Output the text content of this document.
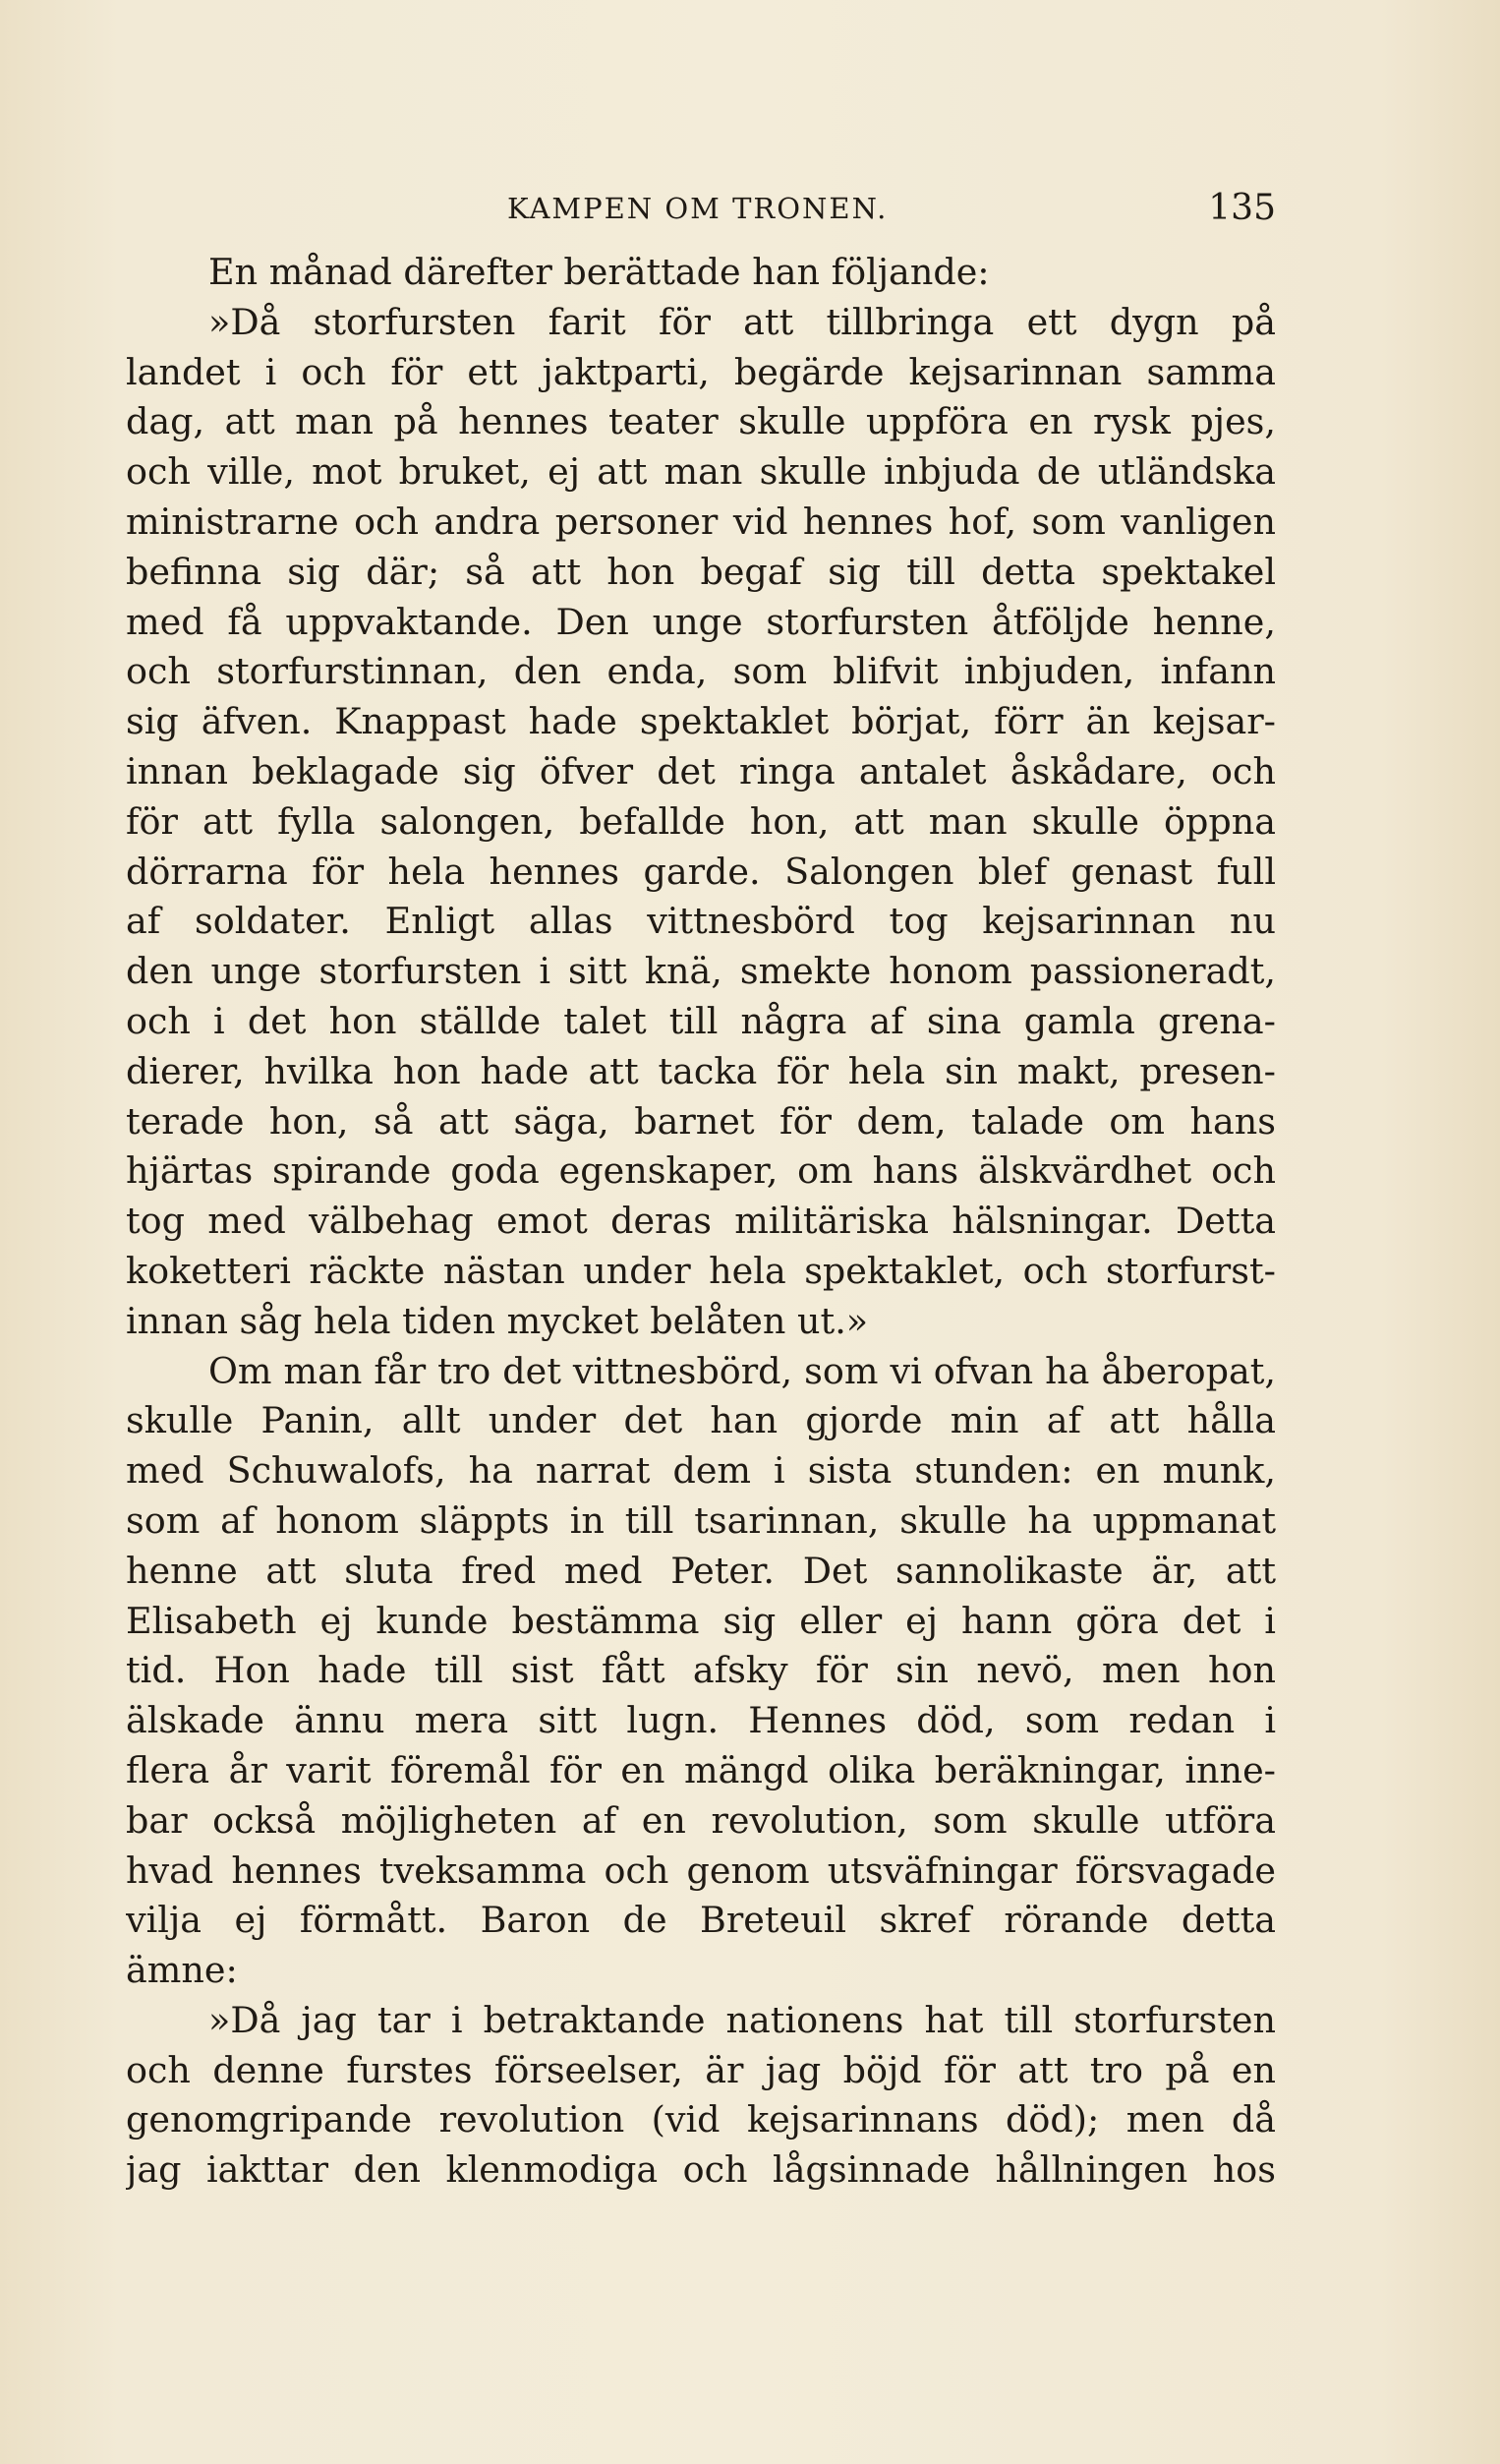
KAMPEN OM TRONEN.	135
En månad därefter berättade han följande:
»Då storfursten farit för att tillbringa ett dygn på
landet i och för ett jaktparti, begärde kejsarinnan samma
dag, att man på hennes teater skulle uppföra en rysk pjes,
och ville, mot bruket, ej att man skulle inbjuda de utländska
ministrarne och andra personer vid hennes hof, som vanligen
befinna sig där; så att hon begaf sig till detta spektakel
med få uppvaktande. Den unge storfursten åtföljde henne,
och storfurstinnan, den enda, som blifvit inbjuden, infann
sig äfven. Knappast hade spektaklet börjat, förr än kejsar-
innan beklagade sig öfver det ringa antalet åskådare, och
för att fylla salongen, befallde hon, att man skulle öppna
dörrarna för hela hennes garde. Salongen blef genast full
af soldater. Enligt allas vittnesbörd tog kejsarinnan nu
den unge storfursten i sitt knä, smekte honom passioneradt,
och i det hon ställde talet till några af sina gamla grena-
dierer, hvilka hon hade att tacka för hela sin makt, presen-
terade hon, så att säga, barnet för dem, talade om hans
hjärtas spirande goda egenskaper, om hans älskvärdhet och
tog med välbehag emot deras militäriska hälsningar. Detta
koketteri räckte nästan under hela spektaklet, och storfurst-
innan såg hela tiden mycket belåten ut.»
Om man får tro det vittnesbörd, som vi ofvan ha åberopat,
skulle Panin, allt under det han gjorde min af att hålla
med Schuwalofs, ha narrat dem i sista stunden: en munk,
som af honom släppts in till tsarinnan, skulle ha uppmanat
henne att sluta fred med Peter. Det sannolikaste är, att
Elisabeth ej kunde bestämma sig eller ej hann göra det i
tid. Hon hade till sist fått afsky för sin nevö, men hon
älskade ännu mera sitt lugn. Hennes död, som redan i
flera år varit föremål för en mängd olika beräkningar, inne-
bar också möjligheten af en revolution, som skulle utföra
hvad hennes tveksamma och genom utsväfningar försvagade
vilja ej förmått. Baron de Breteuil skref rörande detta
ämne:
»Då jag tar i betraktande nationens hat till storfursten
och denne furstes förseelser, är jag böjd för att tro på en
genomgripande revolution (vid kejsarinnans död); men då
jag iakttar den klenmodiga och lågsinnade hållningen hos
